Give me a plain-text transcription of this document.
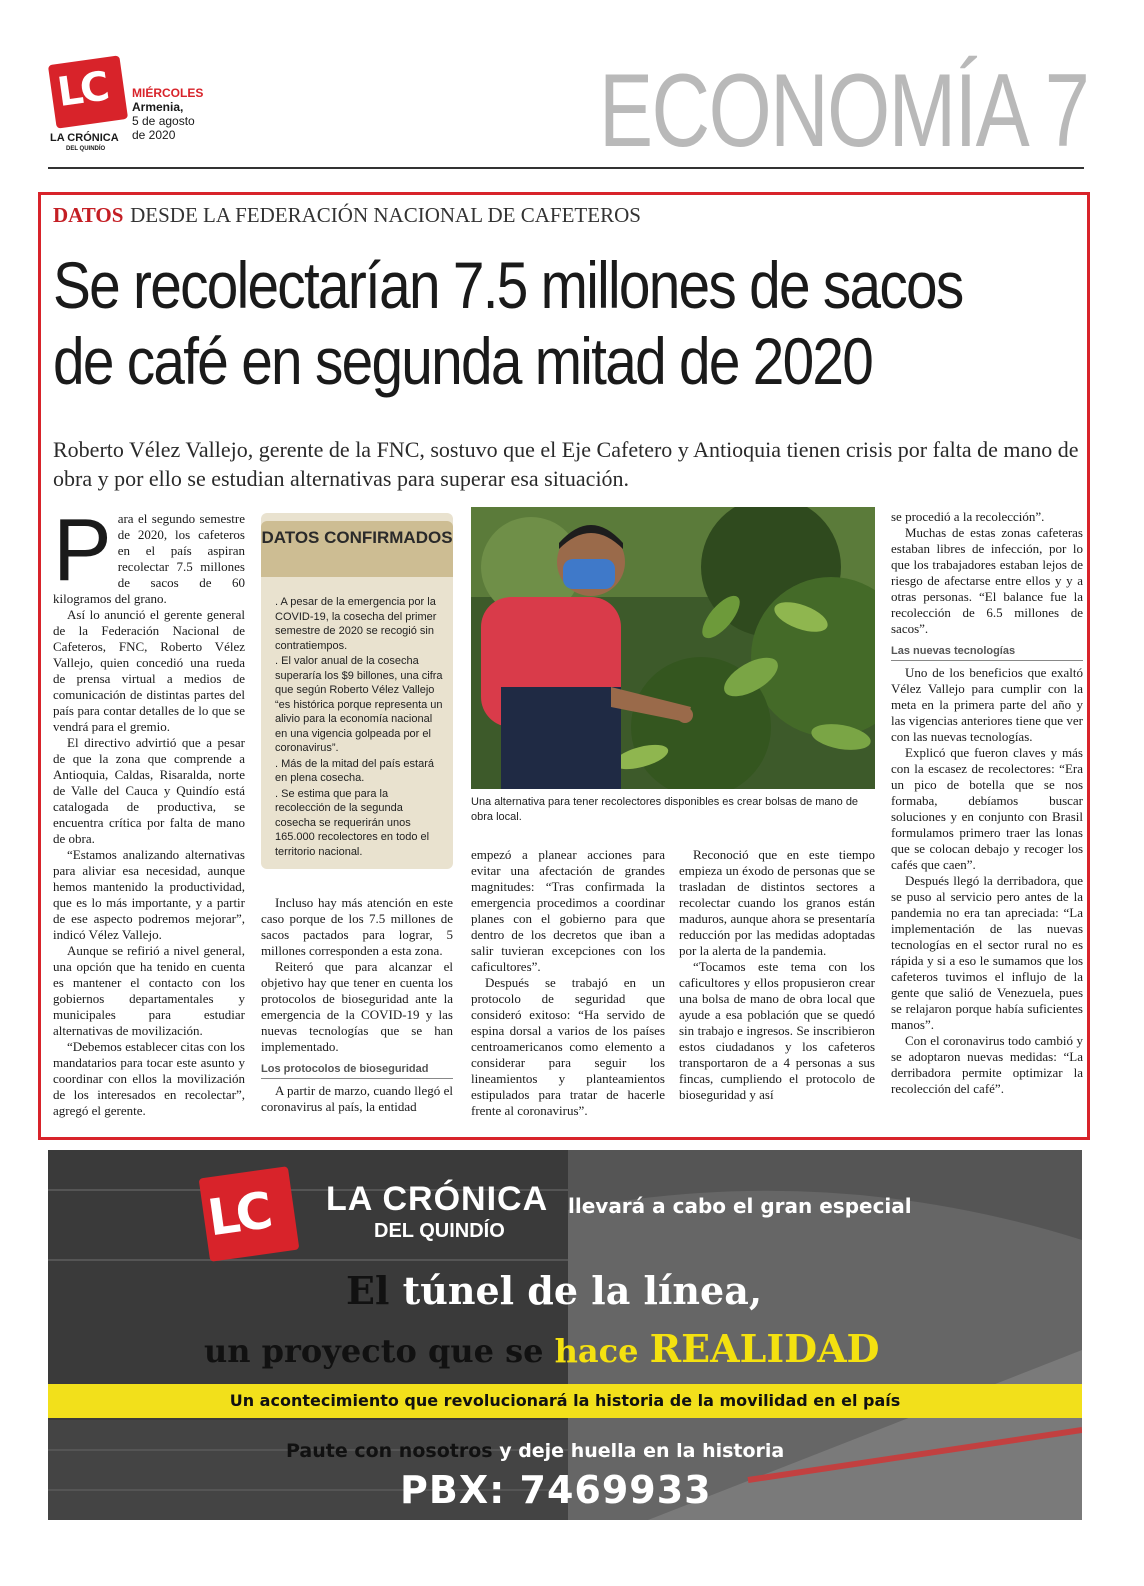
LC
LA CRÓNICA
DEL QUINDÍO
MIÉRCOLES
Armenia,
5 de agosto
de 2020	ECONOMÍA 7
DATOS DESDE LA FEDERACIÓN NACIONAL DE CAFETEROS
Se recolectarían 7.5 millones de sacos
de café en segunda mitad de 2020
Roberto Vélez Vallejo, gerente de la FNC, sostuvo que el Eje Cafetero y Antioquia tienen crisis por falta de mano de obra y por ello se estudian alternativas para superar esa situación.

Para el segundo semestre de 2020, los cafeteros en el país aspiran recolectar 7.5 millones de sacos de 60 kilogramos del grano.

Así lo anunció el gerente general de la Federación Nacional de Cafeteros, FNC, Roberto Vélez Vallejo, quien concedió una rueda de prensa virtual a medios de comunicación de distintas partes del país para contar detalles de lo que se vendrá para el gremio.

El directivo advirtió que a pesar de que la zona que comprende a Antioquia, Caldas, Risaralda, norte de Valle del Cauca y Quindío está catalogada de productiva, se encuentra crítica por falta de mano de obra.

“Estamos analizando alternativas para aliviar esa necesidad, aunque hemos mantenido la productividad, que es lo más importante, y a partir de ese aspecto podremos mejorar”, indicó Vélez Vallejo.

Aunque se refirió a nivel general, una opción que ha tenido en cuenta es mantener el contacto con los gobiernos departamentales y municipales para estudiar alternativas de movilización.

“Debemos establecer citas con los mandatarios para tocar este asunto y coordinar con ellos la movilización de los interesados en recolectar”, agregó el gerente.

DATOS CONFIRMADOS
. A pesar de la emergencia por la COVID-19, la cosecha del primer semestre de 2020 se recogió sin contratiempos.
. El valor anual de la cosecha superaría los $9 billones, una cifra que según Roberto Vélez Vallejo “es histórica porque representa un alivio para la economía nacional en una vigencia golpeada por el coronavirus”.
. Más de la mitad del país estará en plena cosecha.
. Se estima que para la recolección de la segunda cosecha se requerirán unos 165.000 recolectores en todo el territorio nacional.

Incluso hay más atención en este caso porque de los 7.5 millones de sacos pactados para lograr, 5 millones corresponden a esta zona.

Reiteró que para alcanzar el objetivo hay que tener en cuenta los protocolos de bioseguridad ante la emergencia de la COVID-19 y las nuevas tecnologías que se han implementado.

Los protocolos de bioseguridad

A partir de marzo, cuando llegó el coronavirus al país, la entidad

Una alternativa para tener recolectores disponibles es crear bolsas de mano de obra local.

empezó a planear acciones para evitar una afectación de grandes magnitudes: “Tras confirmada la emergencia procedimos a coordinar planes con el gobierno para que dentro de los decretos que iban a salir tuvieran excepciones con los caficultores”.

Después se trabajó en un protocolo de seguridad que consideró exitoso: “Ha servido de espina dorsal a varios de los países centroamericanos como elemento a considerar para seguir los lineamientos y planteamientos estipulados para tratar de hacerle frente al coronavirus”.

Reconoció que en este tiempo empieza un éxodo de personas que se trasladan de distintos sectores a recolectar cuando los granos están maduros, aunque ahora se presentaría reducción por las medidas adoptadas por la alerta de la pandemia.

“Tocamos este tema con los caficultores y ellos propusieron crear una bolsa de mano de obra local que ayude a esa población que se quedó sin trabajo e ingresos. Se inscribieron estos ciudadanos y los cafeteros transportaron de a 4 personas a sus fincas, cumpliendo el protocolo de bioseguridad y así

se procedió a la recolección”.

Muchas de estas zonas cafeteras estaban libres de infección, por lo que los trabajadores estaban lejos de riesgo de afectarse entre ellos y y a otras personas. “El balance fue la recolección de 6.5 millones de sacos”.

Las nuevas tecnologías

Uno de los beneficios que exaltó Vélez Vallejo para cumplir con la meta en la primera parte del año y las vigencias anteriores tiene que ver con las nuevas tecnologías.

Explicó que fueron claves y más con la escasez de recolectores: “Era un pico de botella que se nos formaba, debíamos buscar soluciones y en conjunto con Brasil formulamos primero traer las lonas que se colocan debajo y recoger los cafés que caen”.

Después llegó la derribadora, que se puso al servicio pero antes de la pandemia no era tan apreciada: “La implementación de las nuevas tecnologías en el sector rural no es rápida y si a eso le sumamos que los cafeteros tuvimos el influjo de la gente que salió de Venezuela, pues se relajaron porque había suficientes manos”.

Con el coronavirus todo cambió y se adoptaron nuevas medidas: “La derribadora permite optimizar la recolección del café”.

LC LA CRÓNICA
DEL QUINDÍO
llevará a cabo el gran especial
El túnel de la línea,
un proyecto que se hace REALIDAD
Un acontecimiento que revolucionará la historia de la movilidad en el país
Paute con nosotros y deje huella en la historia
PBX: 7469933
